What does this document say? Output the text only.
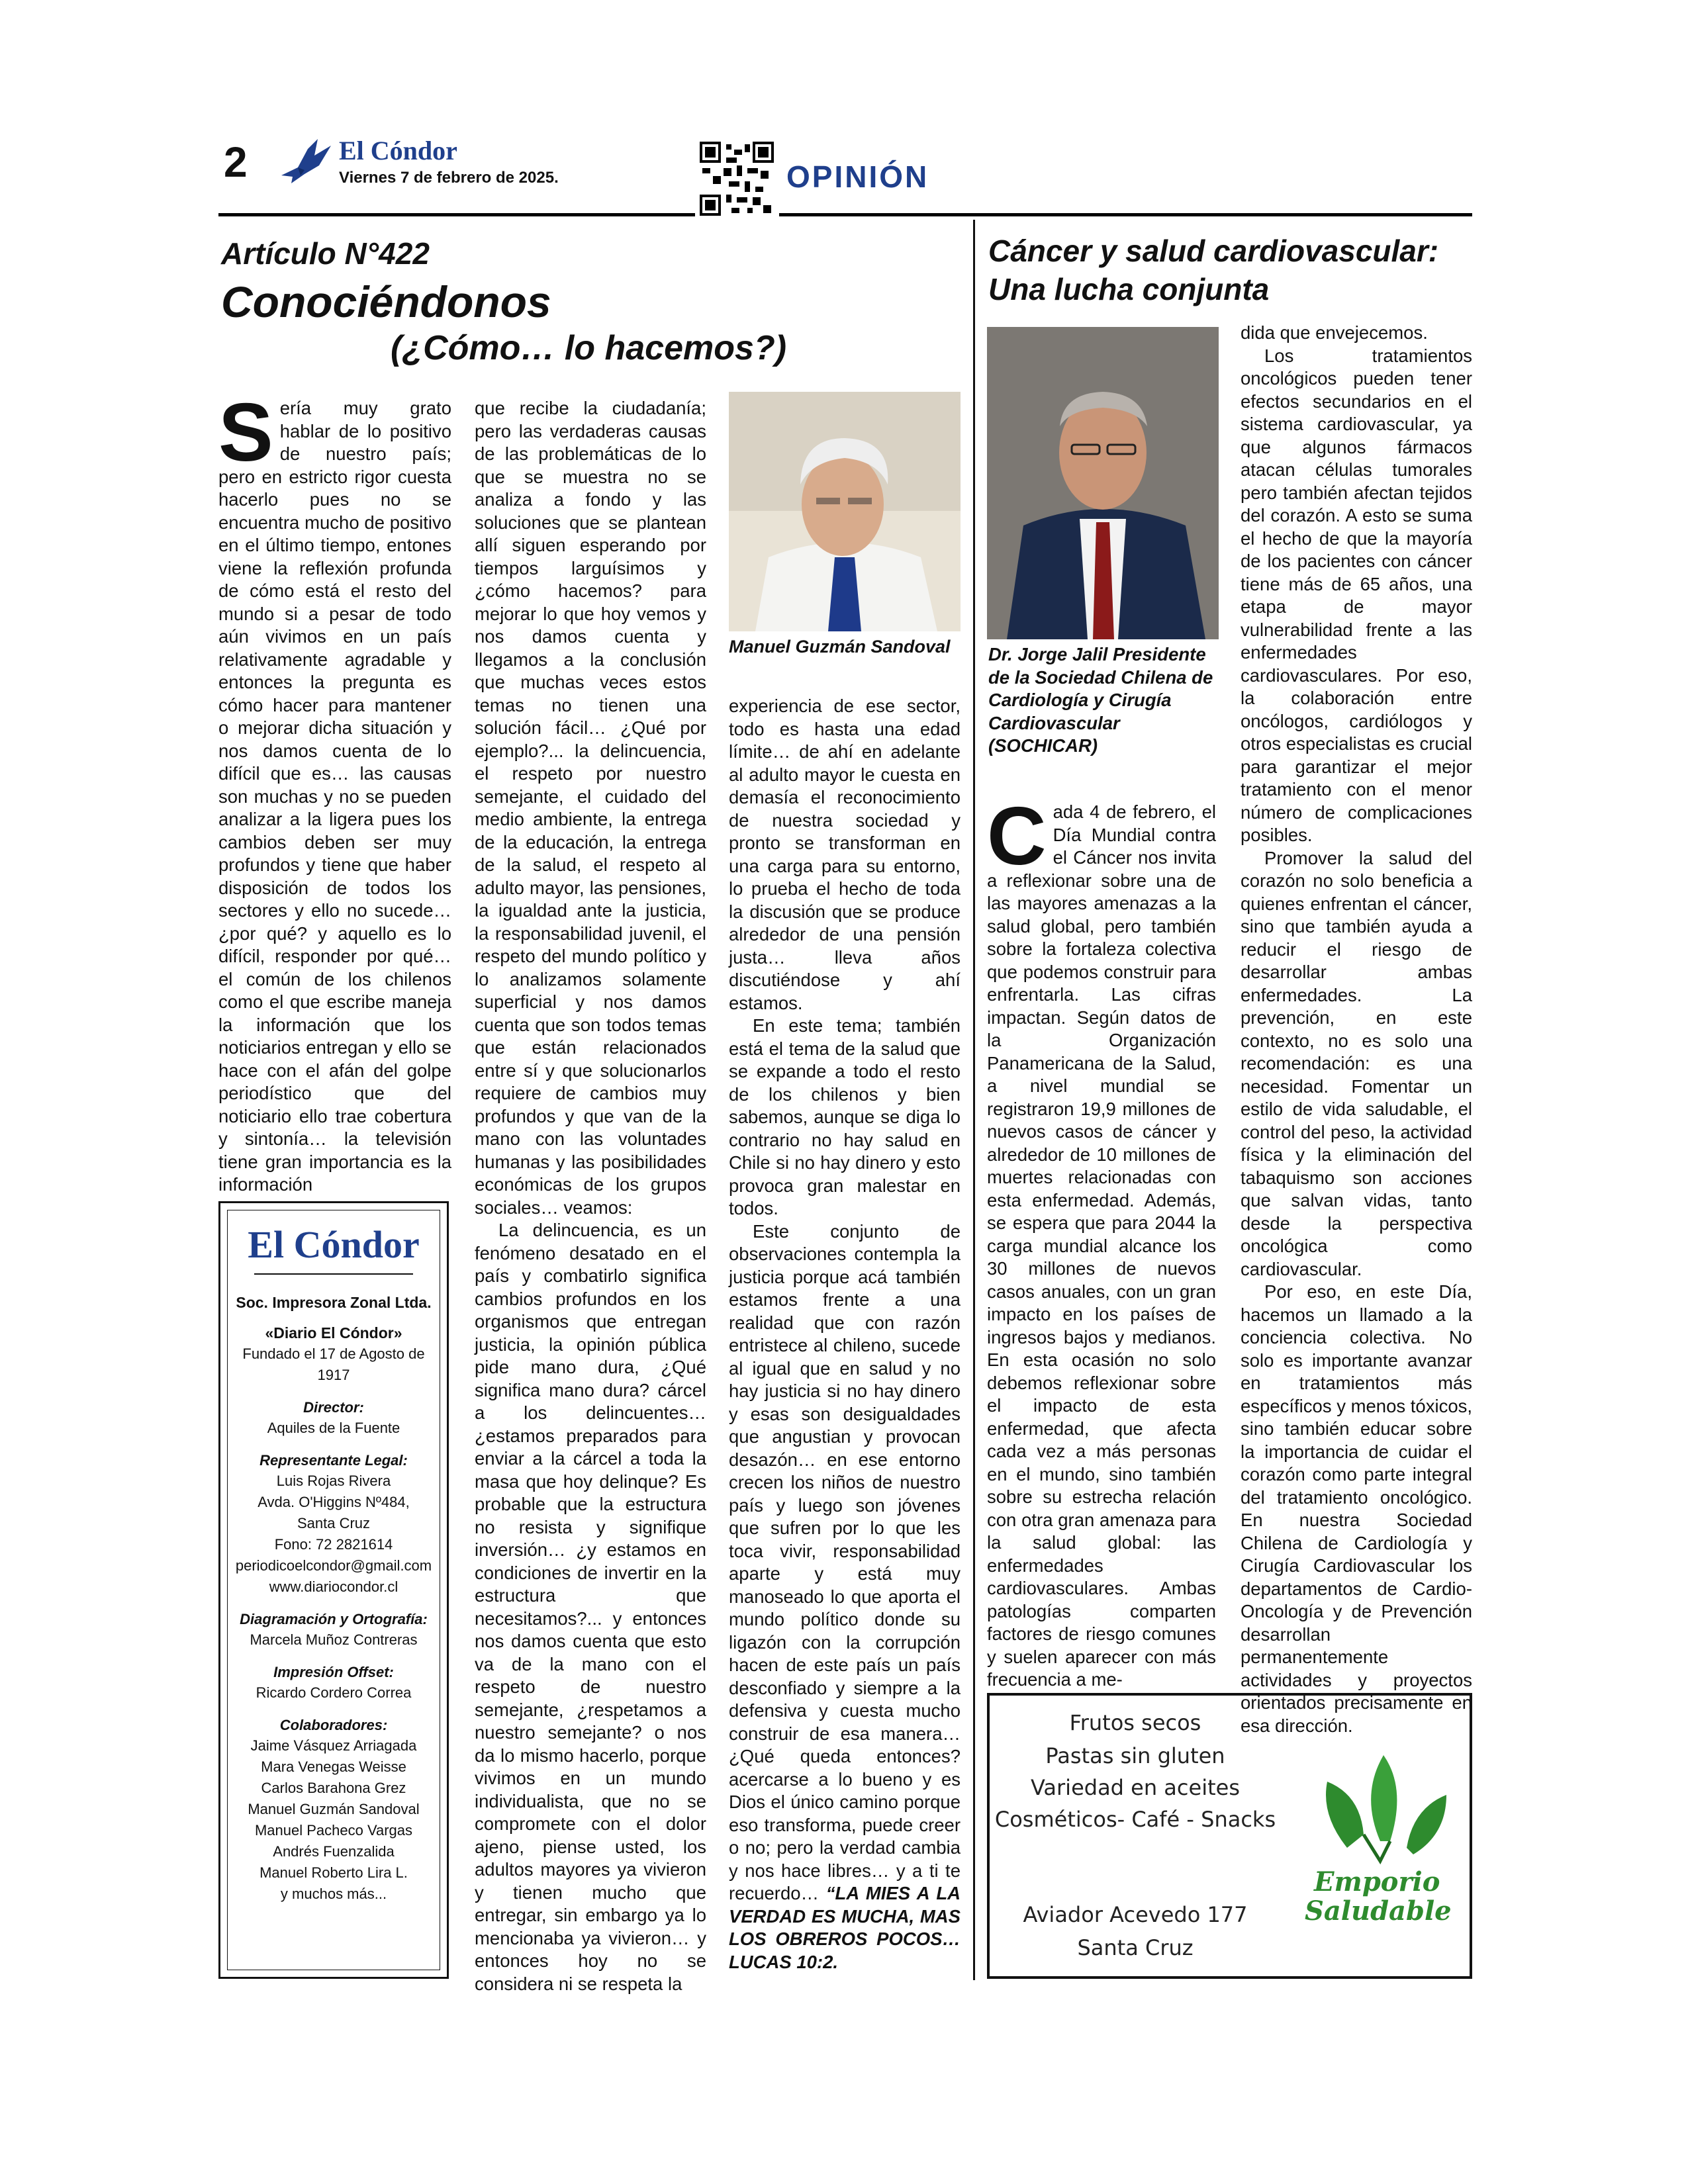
2	El Cóndor
Viernes 7 de febrero de 2025.	OPINIÓN
Artículo N°422
Conociéndonos
(¿Cómo… lo hacemos?)

Sería muy grato hablar de lo positivo de nuestro país; pero en estricto rigor cuesta hacerlo pues no se encuentra mucho de positivo en el último tiempo, entones viene la reflexión profunda de cómo está el resto del mundo si a pesar de todo aún vivimos en un país relativamente agradable y entonces la pregunta es cómo hacer para mantener o mejorar dicha situación y nos damos cuenta de lo difícil que es… las causas son muchas y no se pueden analizar a la ligera pues los cambios deben ser muy profundos y tiene que haber disposición de todos los sectores y ello no sucede… ¿por qué? y aquello es lo difícil, responder por qué… el común de los chilenos como el que escribe maneja la información que los noticiarios entregan y ello se hace con el afán del golpe periodístico que del noticiario ello trae cobertura y sintonía… la televisión tiene gran importancia es la información

que recibe la ciudadanía; pero las verdaderas causas de las problemáticas de lo que se muestra no se analiza a fondo y las soluciones que se plantean allí siguen esperando por tiempos larguísimos y ¿cómo hacemos? para mejorar lo que hoy vemos y nos damos cuenta y llegamos a la conclusión que muchas veces estos temas no tienen una solución fácil… ¿Qué por ejemplo?... la delincuencia, el respeto por nuestro semejante, el cuidado del medio ambiente, la entrega de la educación, la entrega de la salud, el respeto al adulto mayor, las pensiones, la igualdad ante la justicia, la responsabilidad juvenil, el respeto del mundo político y lo analizamos solamente superficial y nos damos cuenta que son todos temas que están relacionados entre sí y que solucionarlos requiere de cambios muy profundos y que van de la mano con las voluntades humanas y las posibilidades económicas de los grupos sociales… veamos:

La delincuencia, es un fenómeno desatado en el país y combatirlo significa cambios profundos en los organismos que entregan justicia, la opinión pública pide mano dura, ¿Qué significa mano dura? cárcel a los delincuentes… ¿estamos preparados para enviar a la cárcel a toda la masa que hoy delinque? Es probable que la estructura no resista y signifique inversión… ¿y estamos en condiciones de invertir en la estructura que necesitamos?... y entonces nos damos cuenta que esto va de la mano con el respeto de nuestro semejante, ¿respetamos a nuestro semejante? o nos da lo mismo hacerlo, porque vivimos en un mundo individualista, que no se compromete con el dolor ajeno, piense usted, los adultos mayores ya vivieron y tienen mucho que entregar, sin embargo ya lo mencionaba ya vivieron… y entonces hoy no se considera ni se respeta la

Manuel Guzmán Sandoval

experiencia de ese sector, todo es hasta una edad límite… de ahí en adelante al adulto mayor le cuesta en demasía el reconocimiento de nuestra sociedad y pronto se transforman en una carga para su entorno, lo prueba el hecho de toda la discusión que se produce alrededor de una pensión justa… lleva años discutiéndose y ahí estamos.

En este tema; también está el tema de la salud que se expande a todo el resto de los chilenos y bien sabemos, aunque se diga lo contrario no hay salud en Chile si no hay dinero y esto provoca gran malestar en todos.

Este conjunto de observaciones contempla la justicia porque acá también estamos frente a una realidad que con razón entristece al chileno, sucede al igual que en salud y no hay justicia si no hay dinero y esas son desigualdades que angustian y provocan desazón… en ese entorno crecen los niños de nuestro país y luego son jóvenes que sufren por lo que les toca vivir, responsabilidad aparte y está muy manoseado lo que aporta el mundo político donde su ligazón con la corrupción hacen de este país un país desconfiado y siempre a la defensiva y cuesta mucho construir de esa manera… ¿Qué queda entonces? acercarse a lo bueno y es Dios el único camino porque eso transforma, puede creer o no; pero la verdad cambia y nos hace libres… y a ti te recuerdo… “LA MIES A LA VERDAD ES MUCHA, MAS LOS OBREROS POCOS… LUCAS 10:2.

El Cóndor
Soc. Impresora Zonal Ltda.
«Diario El Cóndor»
Fundado el 17 de Agosto de 1917
Director:
Aquiles de la Fuente
Representante Legal:
Luis Rojas Rivera
Avda. O'Higgins Nº484,
Santa Cruz
Fono: 72 2821614
periodicoelcondor@gmail.com
www.diariocondor.cl
Diagramación y Ortografía:
Marcela Muñoz Contreras
Impresión Offset:
Ricardo Cordero Correa
Colaboradores:
Jaime Vásquez Arriagada
Mara Venegas Weisse
Carlos Barahona Grez
Manuel Guzmán Sandoval
Manuel Pacheco Vargas
Andrés Fuenzalida
Manuel Roberto Lira L.
y muchos más...
Cáncer y salud cardiovascular:
Una lucha conjunta
Dr. Jorge Jalil Presidente de la Sociedad Chilena de Cardiología y Cirugía Cardiovascular (SOCHICAR)

Cada 4 de febrero, el Día Mundial contra el Cáncer nos invita a reflexionar sobre una de las mayores amenazas a la salud global, pero también sobre la fortaleza colectiva que podemos construir para enfrentarla. Las cifras impactan. Según datos de la Organización Panamericana de la Salud, a nivel mundial se registraron 19,9 millones de nuevos casos de cáncer y alrededor de 10 millones de muertes relacionadas con esta enfermedad. Además, se espera que para 2044 la carga mundial alcance los 30 millones de nuevos casos anuales, con un gran impacto en los países de ingresos bajos y medianos. En esta ocasión no solo debemos reflexionar sobre el impacto de esta enfermedad, que afecta cada vez a más personas en el mundo, sino también sobre su estrecha relación con otra gran amenaza para la salud global: las enfermedades cardiovasculares. Ambas patologías comparten factores de riesgo comunes y suelen aparecer con más frecuencia a me-

dida que envejecemos.

Los tratamientos oncológicos pueden tener efectos secundarios en el sistema cardiovascular, ya que algunos fármacos atacan células tumorales pero también afectan tejidos del corazón. A esto se suma el hecho de que la mayoría de los pacientes con cáncer tiene más de 65 años, una etapa de mayor vulnerabilidad frente a las enfermedades cardiovasculares. Por eso, la colaboración entre oncólogos, cardiólogos y otros especialistas es crucial para garantizar el mejor tratamiento con el menor número de complicaciones posibles.

Promover la salud del corazón no solo beneficia a quienes enfrentan el cáncer, sino que también ayuda a reducir el riesgo de desarrollar ambas enfermedades. La prevención, en este contexto, no es solo una recomendación: es una necesidad. Fomentar un estilo de vida saludable, el control del peso, la actividad física y la eliminación del tabaquismo son acciones que salvan vidas, tanto desde la perspectiva oncológica como cardiovascular.

Por eso, en este Día, hacemos un llamado a la conciencia colectiva. No solo es importante avanzar en tratamientos más específicos y menos tóxicos, sino también educar sobre la importancia de cuidar el corazón como parte integral del tratamiento oncológico. En nuestra Sociedad Chilena de Cardiología y Cirugía Cardiovascular los departamentos de Cardio-Oncología y de Prevención desarrollan permanentemente actividades y proyectos orientados precisamente en esa dirección.

Frutos secos
Pastas sin gluten
Variedad en aceites
Cosméticos- Café - Snacks
Aviador Acevedo 177
Santa Cruz
Emporio
Saludable
